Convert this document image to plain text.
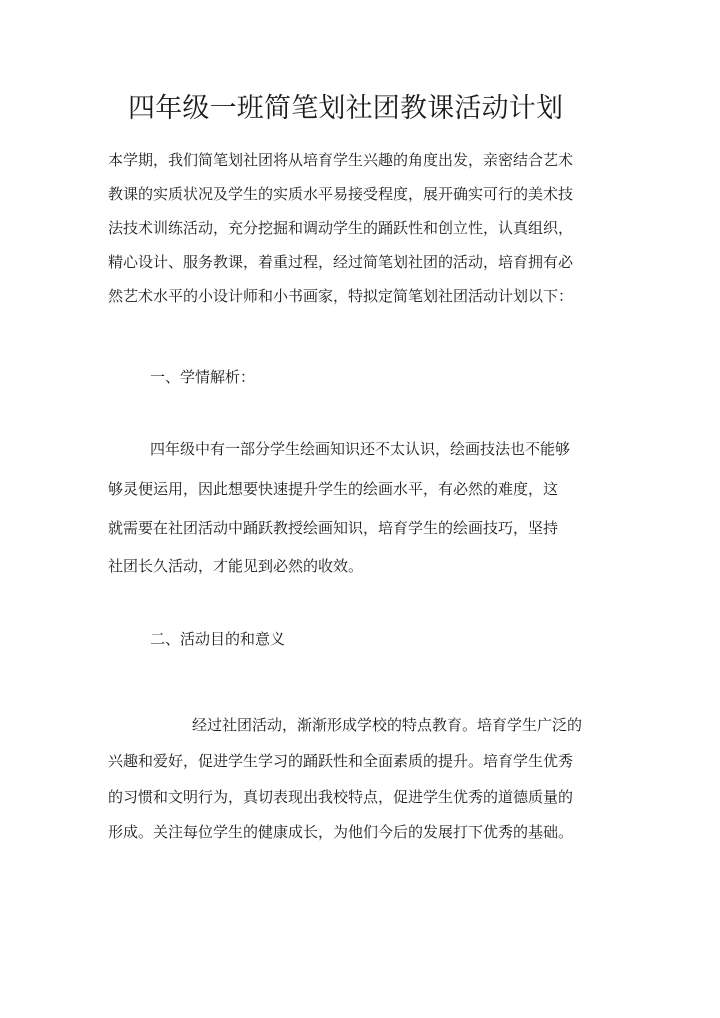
四年级一班简笔划社团教课活动计划
本学期，我们简笔划社团将从培育学生兴趣的角度出发，亲密结合艺术
教课的实质状况及学生的实质水平易接受程度，展开确实可行的美术技
法技术训练活动，充分挖掘和调动学生的踊跃性和创立性，认真组织，
精心设计、服务教课，着重过程，经过简笔划社团的活动，培育拥有必
然艺术水平的小设计师和小书画家，特拟定简笔划社团活动计划以下：
一、学情解析：
四年级中有一部分学生绘画知识还不太认识，绘画技法也不能够
够灵便运用，因此想要快速提升学生的绘画水平，有必然的难度，这
就需要在社团活动中踊跃教授绘画知识，培育学生的绘画技巧，坚持
社团长久活动，才能见到必然的收效。
二、活动目的和意义
经过社团活动，渐渐形成学校的特点教育。培育学生广泛的
兴趣和爱好，促进学生学习的踊跃性和全面素质的提升。培育学生优秀
的习惯和文明行为，真切表现出我校特点，促进学生优秀的道德质量的
形成。关注每位学生的健康成长，为他们今后的发展打下优秀的基础。
